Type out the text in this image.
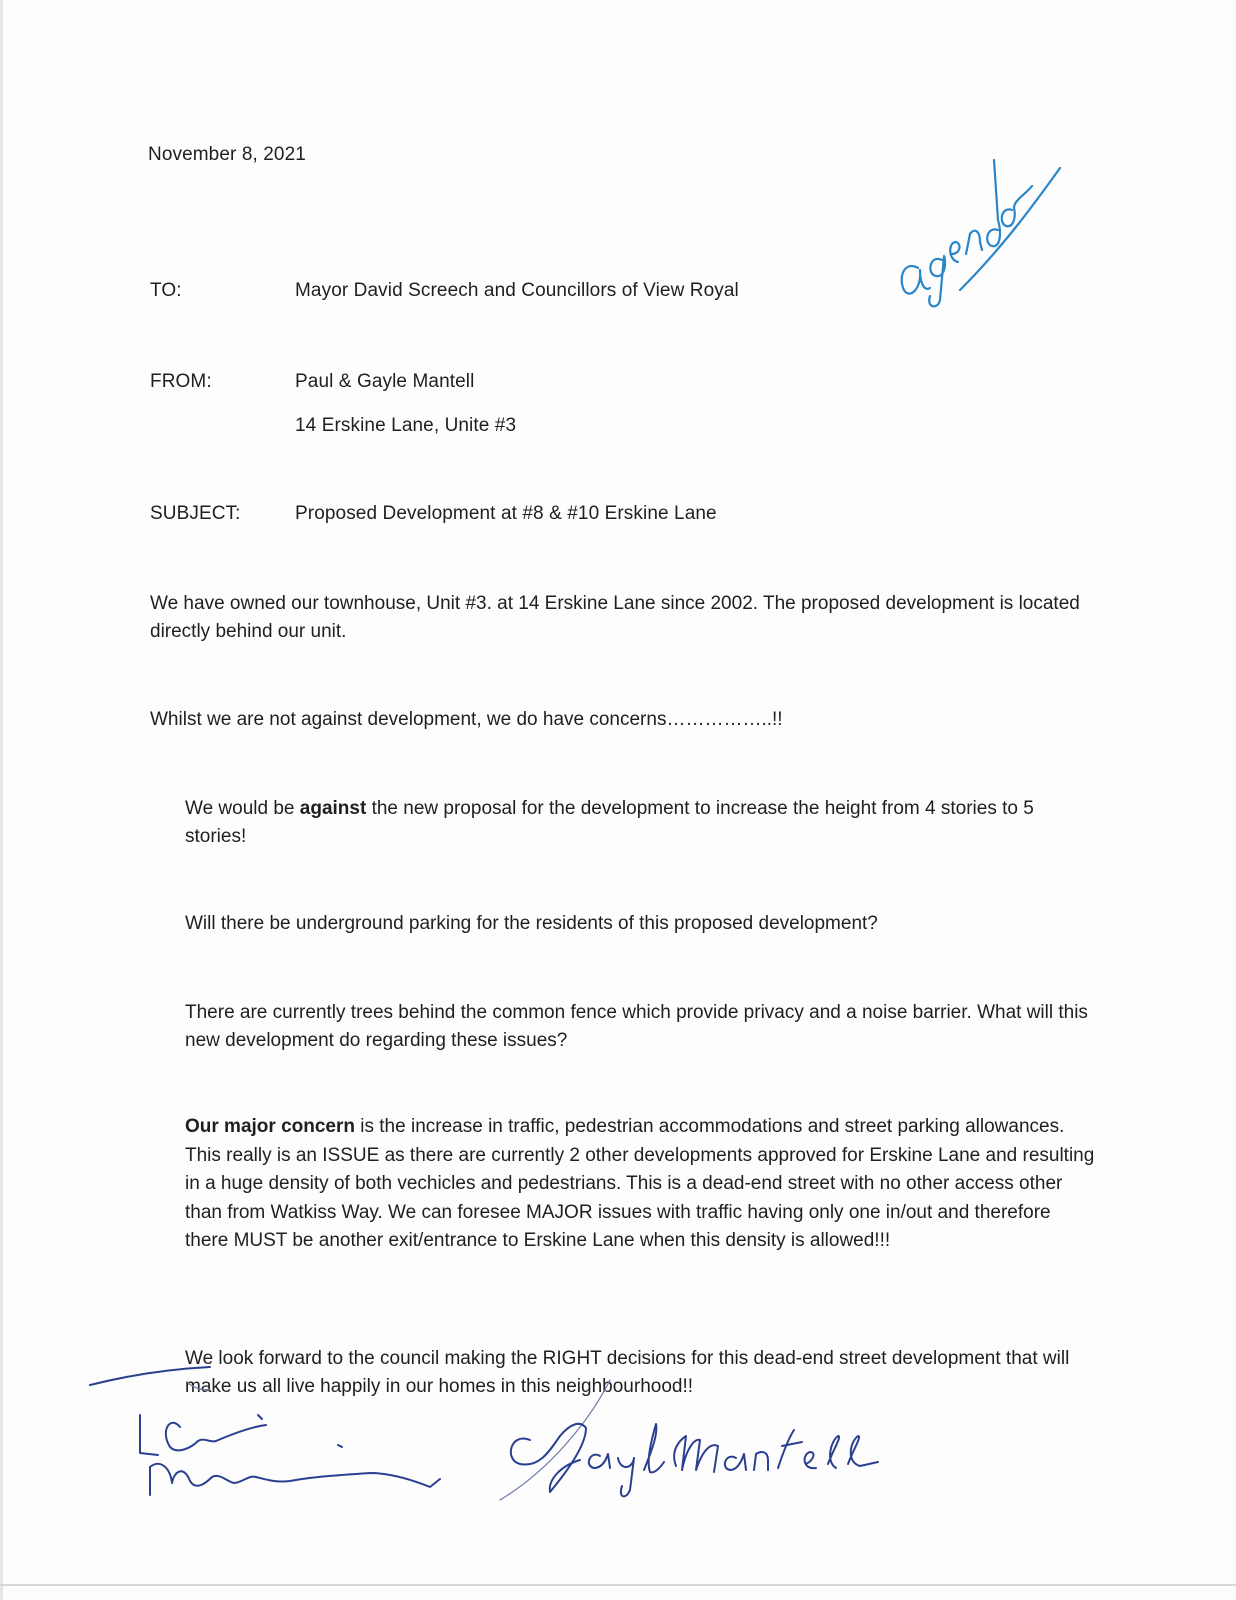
November 8, 2021
TO:	Mayor David Screech and Councillors of View Royal
FROM:	Paul & Gayle Mantell
14 Erskine Lane, Unite #3
SUBJECT:	Proposed Development at #8 & #10 Erskine Lane
We have owned our townhouse, Unit #3. at 14 Erskine Lane since 2002. The proposed development is located directly behind our unit.
Whilst we are not against development, we do have concerns……………..!!
We would be against the new proposal for the development to increase the height from 4 stories to 5 stories!
Will there be underground parking for the residents of this proposed development?
There are currently trees behind the common fence which provide privacy and a noise barrier. What will this new development do regarding these issues?
Our major concern is the increase in traffic, pedestrian accommodations and street parking allowances. This really is an ISSUE as there are currently 2 other developments approved for Erskine Lane and resulting in a huge density of both vechicles and pedestrians. This is a dead-end street with no other access other than from Watkiss Way. We can foresee MAJOR issues with traffic having only one in/out and therefore there MUST be another exit/entrance to Erskine Lane when this density is allowed!!!
We look forward to the council making the RIGHT decisions for this dead-end street development that will make us all live happily in our homes in this neighbourhood!!
